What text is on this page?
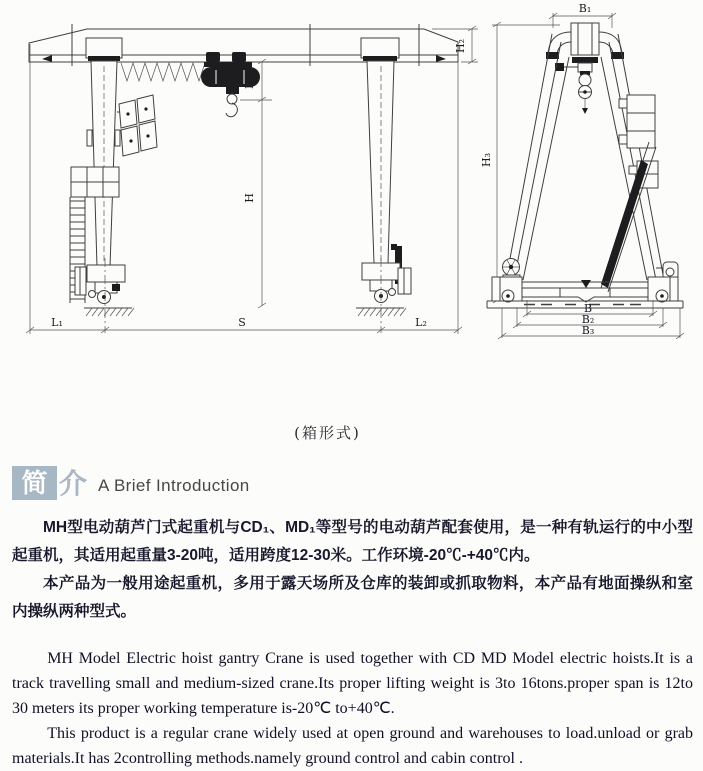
H₁
H
H₂
L₁	S	L₂
B₁
H₃
B
B₂
B₃
(箱形式)
简 介 A Brief Introduction

MH型电动葫芦门式起重机与CD₁、MD₁等型号的电动葫芦配套使用，是一种有轨运行的中小型起重机，其适用起重量3-20吨，适用跨度12-30米。工作环境-20℃-+40℃内。

本产品为一般用途起重机，多用于露天场所及仓库的装卸或抓取物料，本产品有地面操纵和室内操纵两种型式。

MH Model Electric hoist gantry Crane is used together with CD MD Model electric hoists.It is a track travelling small and medium-sized crane.Its proper lifting weight is 3to 16tons.proper span is 12to 30 meters its proper working temperature is-20℃ to+40℃.

This product is a regular crane widely used at open ground and warehouses to load.unload or grab materials.It has 2controlling methods.namely ground control and cabin control .
